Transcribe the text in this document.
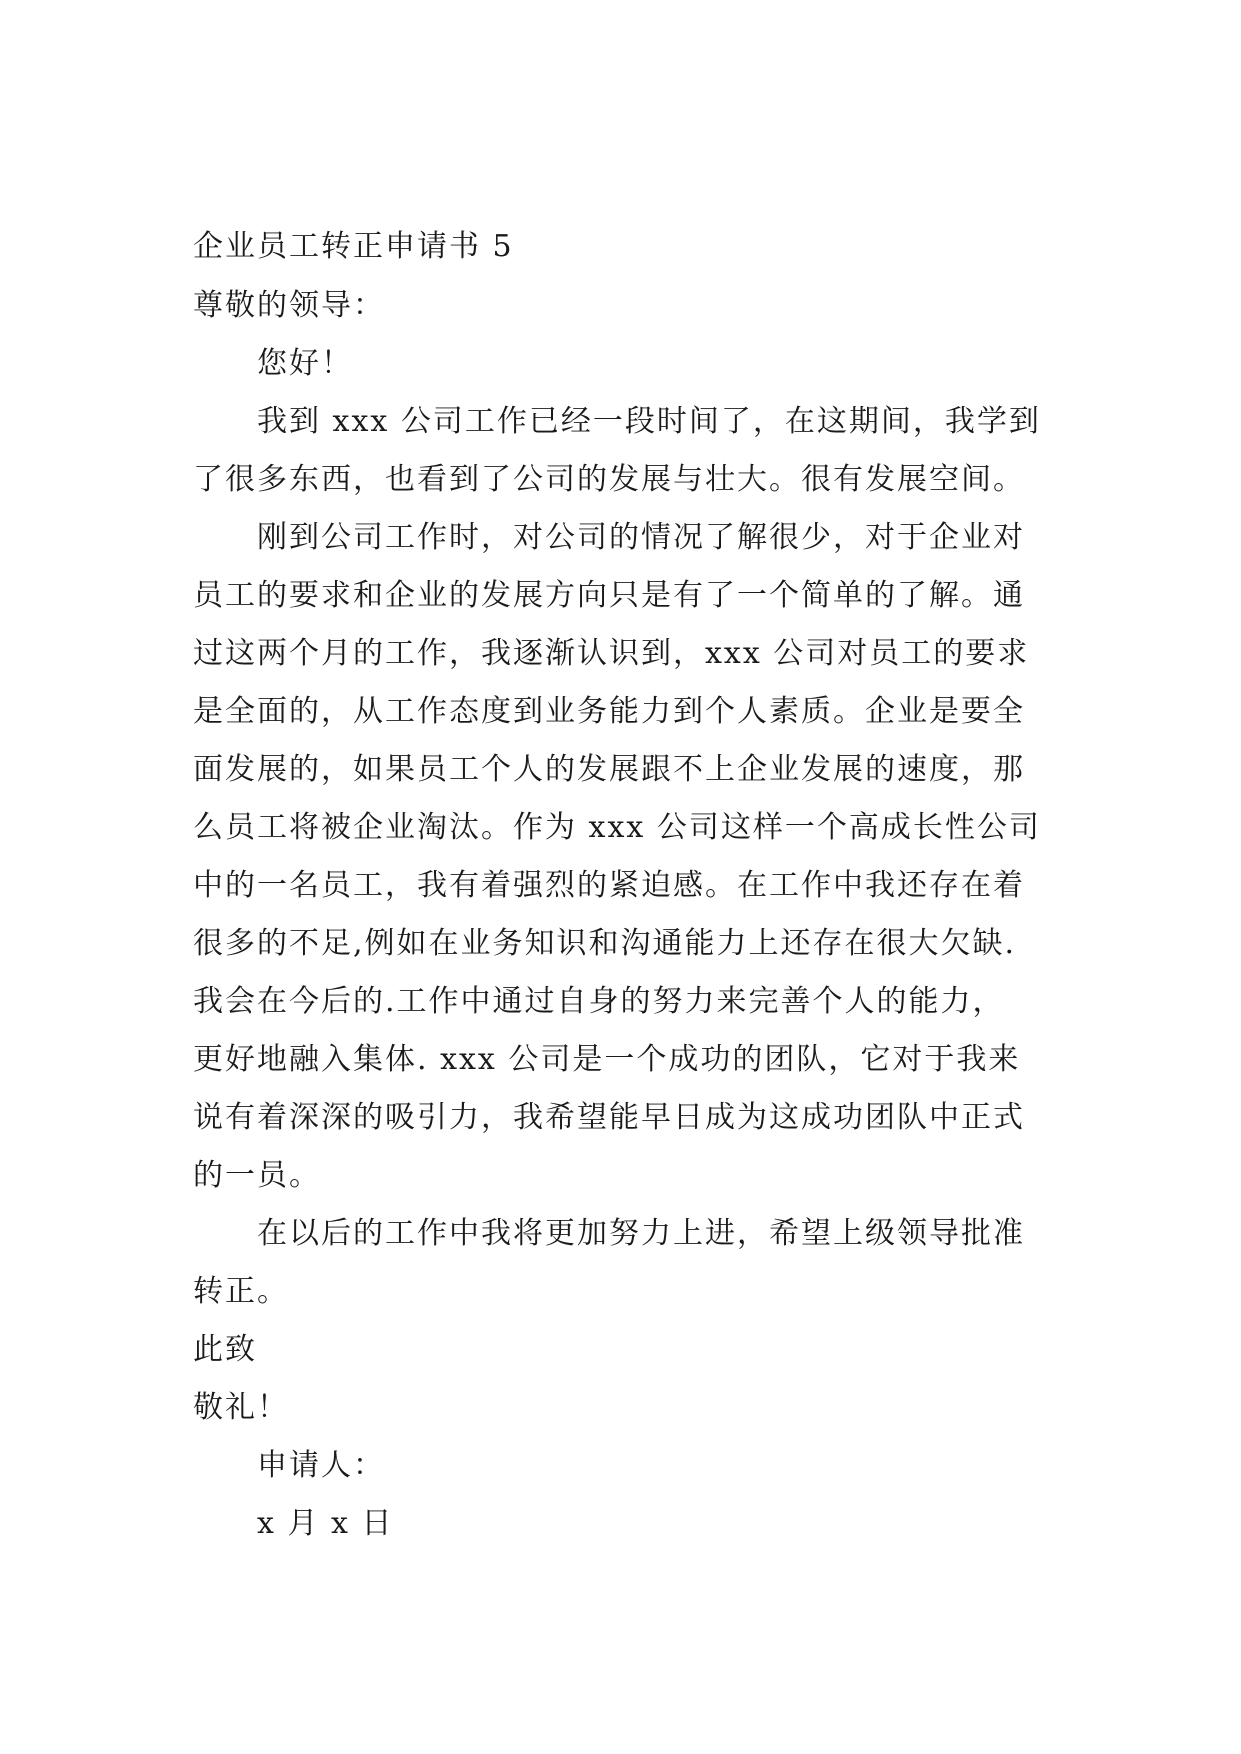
企业员工转正申请书 5
尊敬的领导：
您好！
我到 xxx 公司工作已经一段时间了，在这期间，我学到
了很多东西，也看到了公司的发展与壮大。很有发展空间。
刚到公司工作时，对公司的情况了解很少，对于企业对
员工的要求和企业的发展方向只是有了一个简单的了解。通
过这两个月的工作，我逐渐认识到，xxx 公司对员工的要求
是全面的，从工作态度到业务能力到个人素质。企业是要全
面发展的，如果员工个人的发展跟不上企业发展的速度，那
么员工将被企业淘汰。作为 xxx 公司这样一个高成长性公司
中的一名员工，我有着强烈的紧迫感。在工作中我还存在着
很多的不足,例如在业务知识和沟通能力上还存在很大欠缺.
我会在今后的.工作中通过自身的努力来完善个人的能力，
更好地融入集体. xxx 公司是一个成功的团队，它对于我来
说有着深深的吸引力，我希望能早日成为这成功团队中正式
的一员。
在以后的工作中我将更加努力上进，希望上级领导批准
转正。
此致
敬礼！
申请人：
x 月 x 日
